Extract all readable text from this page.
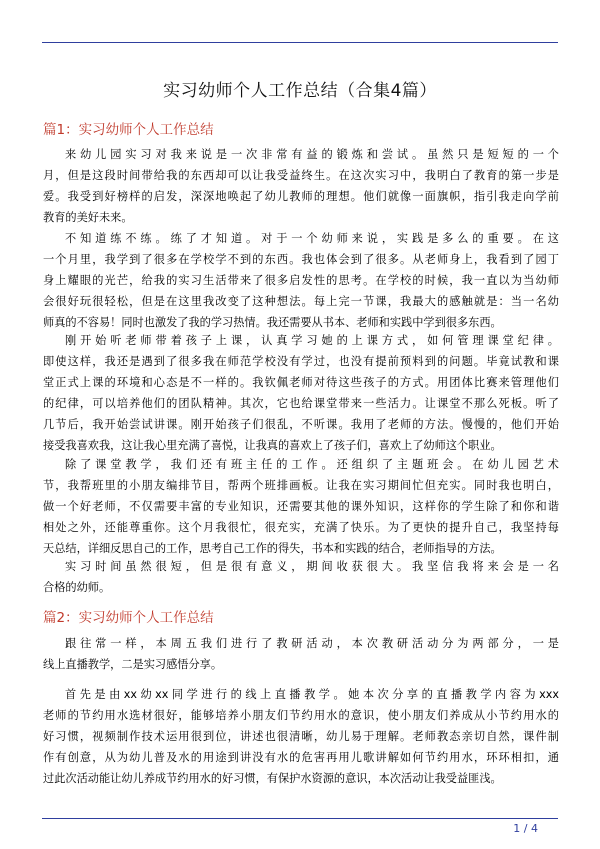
实习幼师个人工作总结（合集4篇）
篇1：实习幼师个人工作总结

来幼儿园实习对我来说是一次非常有益的锻炼和尝试。虽然只是短短的一个
月，但是这段时间带给我的东西却可以让我受益终生。在这次实习中，我明白了教育的第一步是
爱。我受到好榜样的启发，深深地唤起了幼儿教师的理想。他们就像一面旗帜，指引我走向学前
教育的美好未来。

不知道练不练。练了才知道。对于一个幼师来说，实践是多么的重要。在这
一个月里，我学到了很多在学校学不到的东西。我也体会到了很多。从老师身上，我看到了园丁
身上耀眼的光芒，给我的实习生活带来了很多启发性的思考。在学校的时候，我一直以为当幼师
会很好玩很轻松，但是在这里我改变了这种想法。每上完一节课，我最大的感触就是：当一名幼
师真的不容易！同时也激发了我的学习热情。我还需要从书本、老师和实践中学到很多东西。

刚开始听老师带着孩子上课，认真学习她的上课方式，如何管理课堂纪律。
即使这样，我还是遇到了很多我在师范学校没有学过，也没有提前预料到的问题。毕竟试教和课
堂正式上课的环境和心态是不一样的。我钦佩老师对待这些孩子的方式。用团体比赛来管理他们
的纪律，可以培养他们的团队精神。其次，它也给课堂带来一些活力。让课堂不那么死板。听了
几节后，我开始尝试讲课。刚开始孩子们很乱，不听课。我用了老师的方法。慢慢的，他们开始
接受我喜欢我，这让我心里充满了喜悦，让我真的喜欢上了孩子们，喜欢上了幼师这个职业。

除了课堂教学，我们还有班主任的工作。还组织了主题班会。在幼儿园艺术
节，我帮班里的小朋友编排节目，帮两个班排画板。让我在实习期间忙但充实。同时我也明白，
做一个好老师，不仅需要丰富的专业知识，还需要其他的课外知识，这样你的学生除了和你和谐
相处之外，还能尊重你。这个月我很忙，很充实，充满了快乐。为了更快的提升自己，我坚持每
天总结，详细反思自己的工作，思考自己工作的得失，书本和实践的结合，老师指导的方法。

实习时间虽然很短，但是很有意义，期间收获很大。我坚信我将来会是一名
合格的幼师。

篇2：实习幼师个人工作总结

跟往常一样，本周五我们进行了教研活动，本次教研活动分为两部分，一是
线上直播教学，二是实习感悟分享。

首先是由xx幼xx同学进行的线上直播教学。她本次分享的直播教学内容为xxx
老师的节约用水选材很好，能够培养小朋友们节约用水的意识，使小朋友们养成从小节约用水的
好习惯，视频制作技术运用很到位，讲述也很清晰，幼儿易于理解。老师教态亲切自然，课件制
作有创意，从为幼儿普及水的用途到讲没有水的危害再用儿歌讲解如何节约用水，环环相扣，通
过此次活动能让幼儿养成节约用水的好习惯，有保护水资源的意识，本次活动让我受益匪浅。

1 / 4
